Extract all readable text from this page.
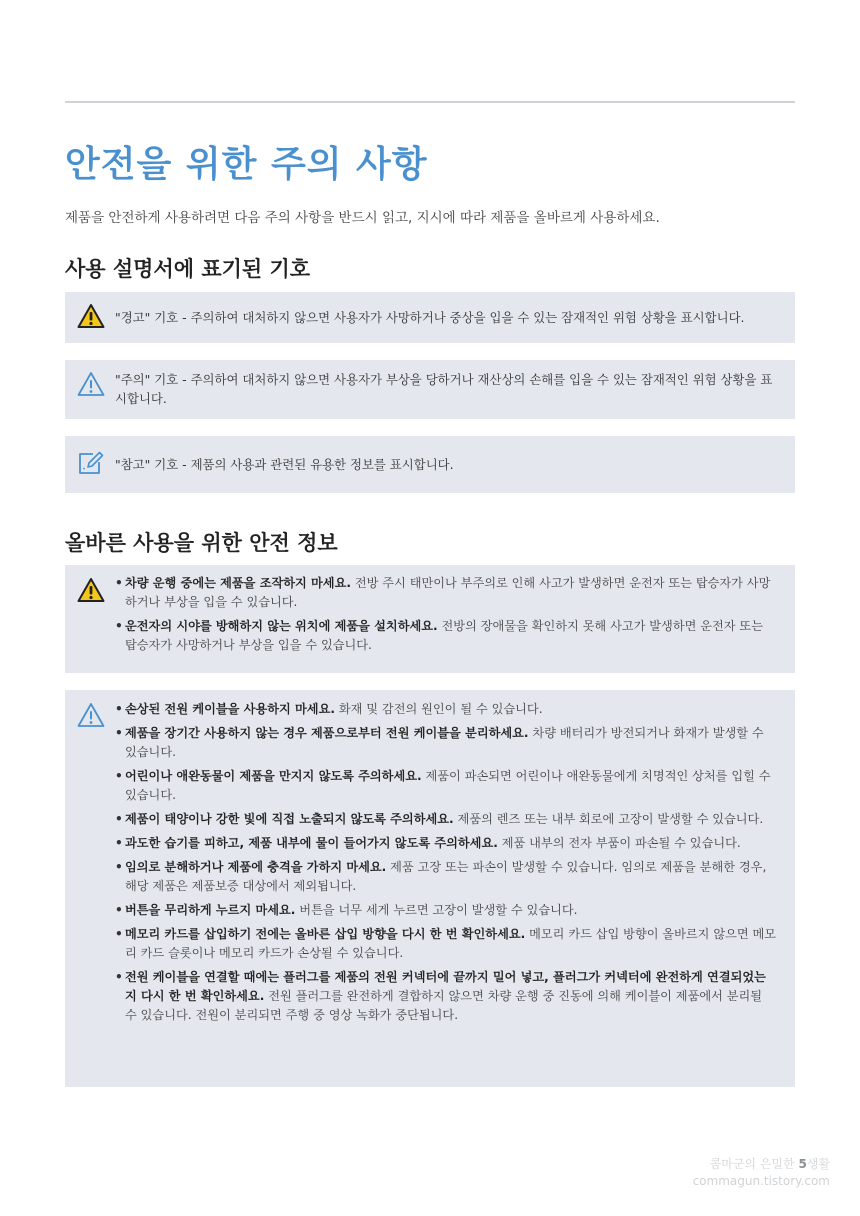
안전을 위한 주의 사항

제품을 안전하게 사용하려면 다음 주의 사항을 반드시 읽고, 지시에 따라 제품을 올바르게 사용하세요.

사용 설명서에 표기된 기호
"경고" 기호 - 주의하여 대처하지 않으면 사용자가 사망하거나 중상을 입을 수 있는 잠재적인 위험 상황을 표시합니다.
"주의" 기호 - 주의하여 대처하지 않으면 사용자가 부상을 당하거나 재산상의 손해를 입을 수 있는 잠재적인 위험 상황을 표시합니다.
"참고" 기호 - 제품의 사용과 관련된 유용한 정보를 표시합니다.
올바른 사용을 위한 안전 정보
• 차량 운행 중에는 제품을 조작하지 마세요. 전방 주시 태만이나 부주의로 인해 사고가 발생하면 운전자 또는 탑승자가 사망하거나 부상을 입을 수 있습니다.
• 운전자의 시야를 방해하지 않는 위치에 제품을 설치하세요. 전방의 장애물을 확인하지 못해 사고가 발생하면 운전자 또는 탑승자가 사망하거나 부상을 입을 수 있습니다.
• 손상된 전원 케이블을 사용하지 마세요. 화재 및 감전의 원인이 될 수 있습니다.
• 제품을 장기간 사용하지 않는 경우 제품으로부터 전원 케이블을 분리하세요. 차량 배터리가 방전되거나 화재가 발생할 수 있습니다.
• 어린이나 애완동물이 제품을 만지지 않도록 주의하세요. 제품이 파손되면 어린이나 애완동물에게 치명적인 상처를 입힐 수 있습니다.
• 제품이 태양이나 강한 빛에 직접 노출되지 않도록 주의하세요. 제품의 렌즈 또는 내부 회로에 고장이 발생할 수 있습니다.
• 과도한 습기를 피하고, 제품 내부에 물이 들어가지 않도록 주의하세요. 제품 내부의 전자 부품이 파손될 수 있습니다.
• 임의로 분해하거나 제품에 충격을 가하지 마세요. 제품 고장 또는 파손이 발생할 수 있습니다. 임의로 제품을 분해한 경우, 해당 제품은 제품보증 대상에서 제외됩니다.
• 버튼을 무리하게 누르지 마세요. 버튼을 너무 세게 누르면 고장이 발생할 수 있습니다.
• 메모리 카드를 삽입하기 전에는 올바른 삽입 방향을 다시 한 번 확인하세요. 메모리 카드 삽입 방향이 올바르지 않으면 메모리 카드 슬롯이나 메모리 카드가 손상될 수 있습니다.
• 전원 케이블을 연결할 때에는 플러그를 제품의 전원 커넥터에 끝까지 밀어 넣고, 플러그가 커넥터에 완전하게 연결되었는지 다시 한 번 확인하세요. 전원 플러그를 완전하게 결합하지 않으면 차량 운행 중 진동에 의해 케이블이 제품에서 분리될 수 있습니다. 전원이 분리되면 주행 중 영상 녹화가 중단됩니다.
콤마군의 은밀한 5생활
commagun.tistory.com
